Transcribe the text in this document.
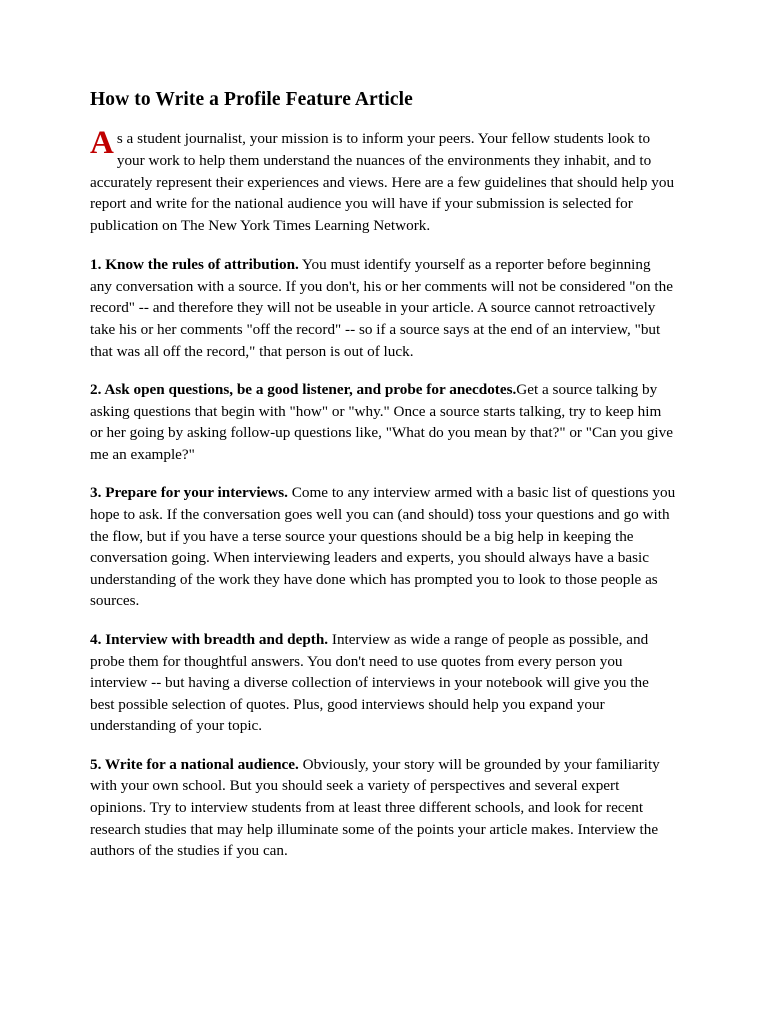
How to Write a Profile Feature Article

As a student journalist, your mission is to inform your peers. Your fellow students look to your work to help them understand the nuances of the environments they inhabit, and to accurately represent their experiences and views. Here are a few guidelines that should help you report and write for the national audience you will have if your submission is selected for publication on The New York Times Learning Network.

1. Know the rules of attribution. You must identify yourself as a reporter before beginning any conversation with a source. If you don't, his or her comments will not be considered "on the record" -- and therefore they will not be useable in your article. A source cannot retroactively take his or her comments "off the record" -- so if a source says at the end of an interview, "but that was all off the record," that person is out of luck.

2. Ask open questions, be a good listener, and probe for anecdotes.Get a source talking by asking questions that begin with "how" or "why." Once a source starts talking, try to keep him or her going by asking follow-up questions like, "What do you mean by that?" or "Can you give me an example?"

3. Prepare for your interviews. Come to any interview armed with a basic list of questions you hope to ask. If the conversation goes well you can (and should) toss your questions and go with the flow, but if you have a terse source your questions should be a big help in keeping the conversation going. When interviewing leaders and experts, you should always have a basic understanding of the work they have done which has prompted you to look to those people as sources.

4. Interview with breadth and depth. Interview as wide a range of people as possible, and probe them for thoughtful answers. You don't need to use quotes from every person you interview -- but having a diverse collection of interviews in your notebook will give you the best possible selection of quotes. Plus, good interviews should help you expand your understanding of your topic.

5. Write for a national audience. Obviously, your story will be grounded by your familiarity with your own school. But you should seek a variety of perspectives and several expert opinions. Try to interview students from at least three different schools, and look for recent research studies that may help illuminate some of the points your article makes. Interview the authors of the studies if you can.
